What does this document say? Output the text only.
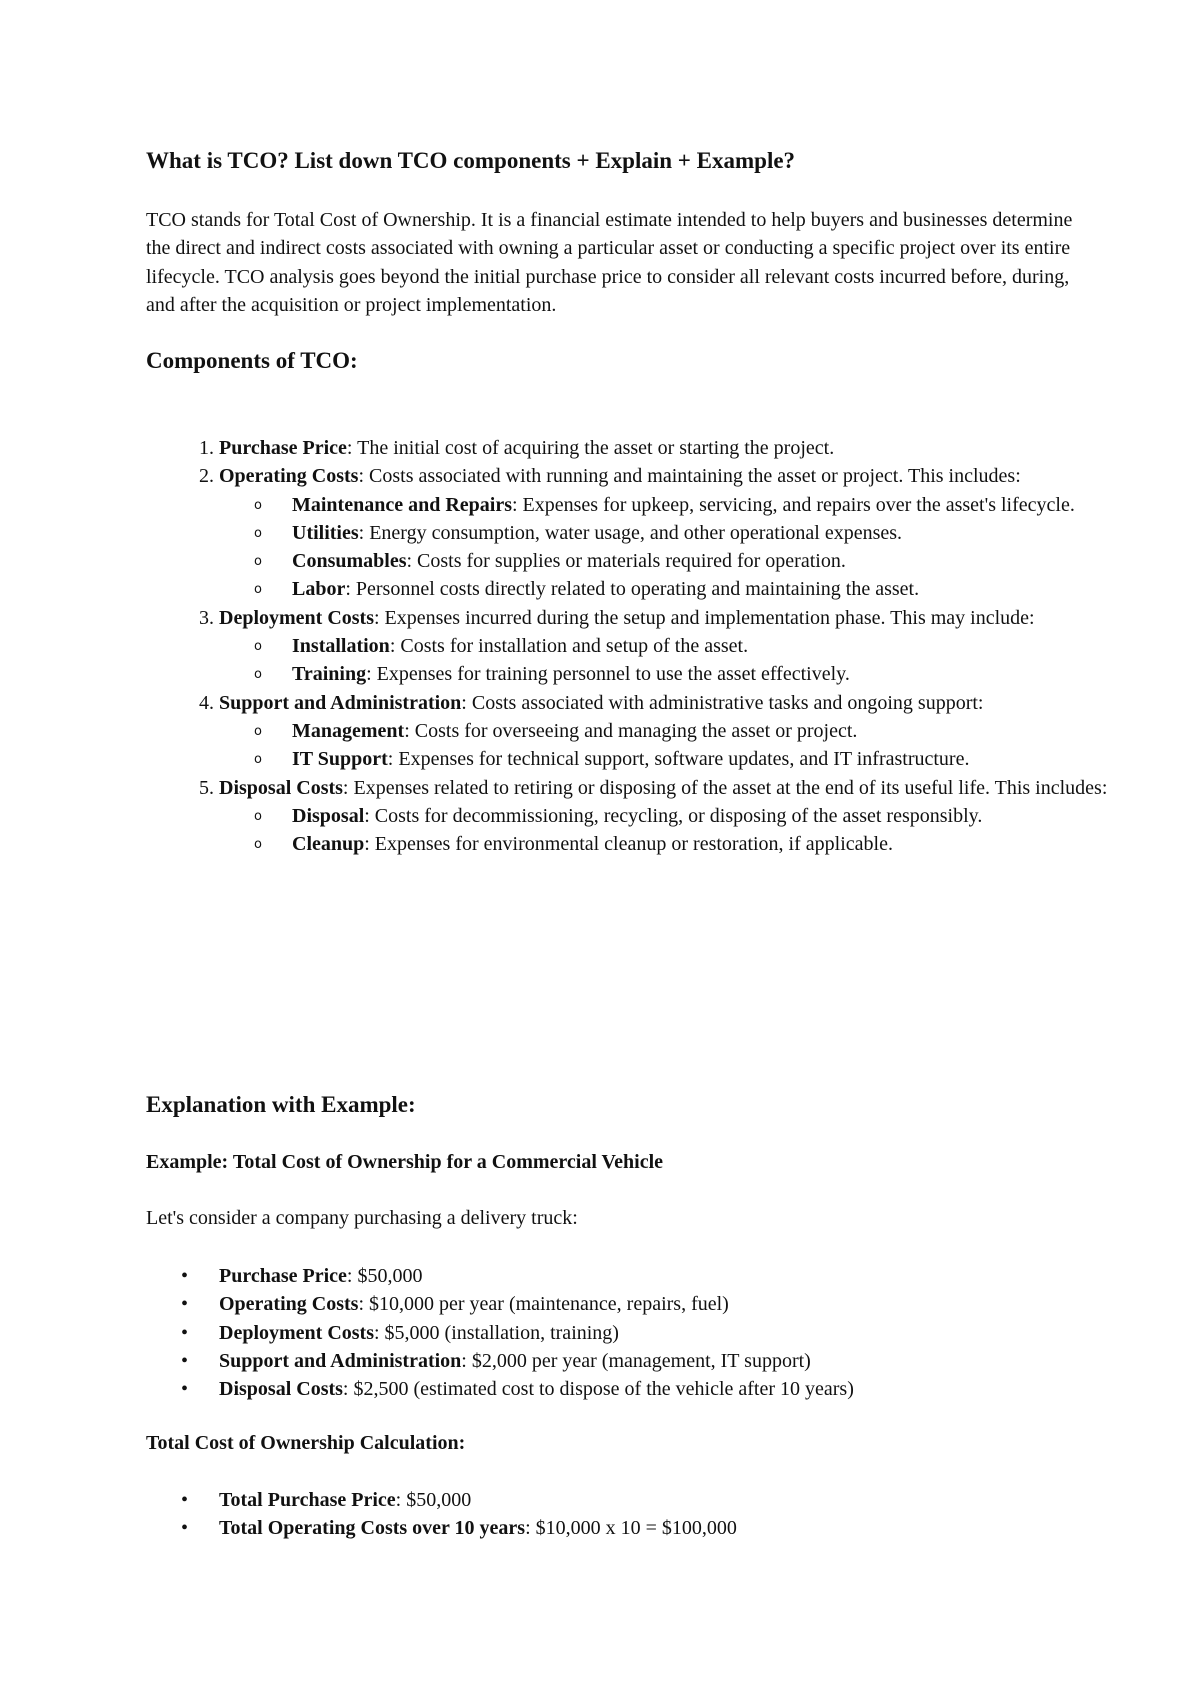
What is TCO? List down TCO components + Explain + Example?

TCO stands for Total Cost of Ownership. It is a financial estimate intended to help buyers and businesses determine the direct and indirect costs associated with owning a particular asset or conducting a specific project over its entire lifecycle. TCO analysis goes beyond the initial purchase price to consider all relevant costs incurred before, during, and after the acquisition or project implementation.

Components of TCO:
1. Purchase Price: The initial cost of acquiring the asset or starting the project.
2. Operating Costs: Costs associated with running and maintaining the asset or project. This includes:
o Maintenance and Repairs: Expenses for upkeep, servicing, and repairs over the asset's lifecycle.
o Utilities: Energy consumption, water usage, and other operational expenses.
o Consumables: Costs for supplies or materials required for operation.
o Labor: Personnel costs directly related to operating and maintaining the asset.
3. Deployment Costs: Expenses incurred during the setup and implementation phase. This may include:
o Installation: Costs for installation and setup of the asset.
o Training: Expenses for training personnel to use the asset effectively.
4. Support and Administration: Costs associated with administrative tasks and ongoing support:
o Management: Costs for overseeing and managing the asset or project.
o IT Support: Expenses for technical support, software updates, and IT infrastructure.
5. Disposal Costs: Expenses related to retiring or disposing of the asset at the end of its useful life. This includes:
o Disposal: Costs for decommissioning, recycling, or disposing of the asset responsibly.
o Cleanup: Expenses for environmental cleanup or restoration, if applicable.
Explanation with Example:
Example: Total Cost of Ownership for a Commercial Vehicle

Let's consider a company purchasing a delivery truck:

• Purchase Price: $50,000
• Operating Costs: $10,000 per year (maintenance, repairs, fuel)
• Deployment Costs: $5,000 (installation, training)
• Support and Administration: $2,000 per year (management, IT support)
• Disposal Costs: $2,500 (estimated cost to dispose of the vehicle after 10 years)
Total Cost of Ownership Calculation:
• Total Purchase Price: $50,000
• Total Operating Costs over 10 years: $10,000 x 10 = $100,000
